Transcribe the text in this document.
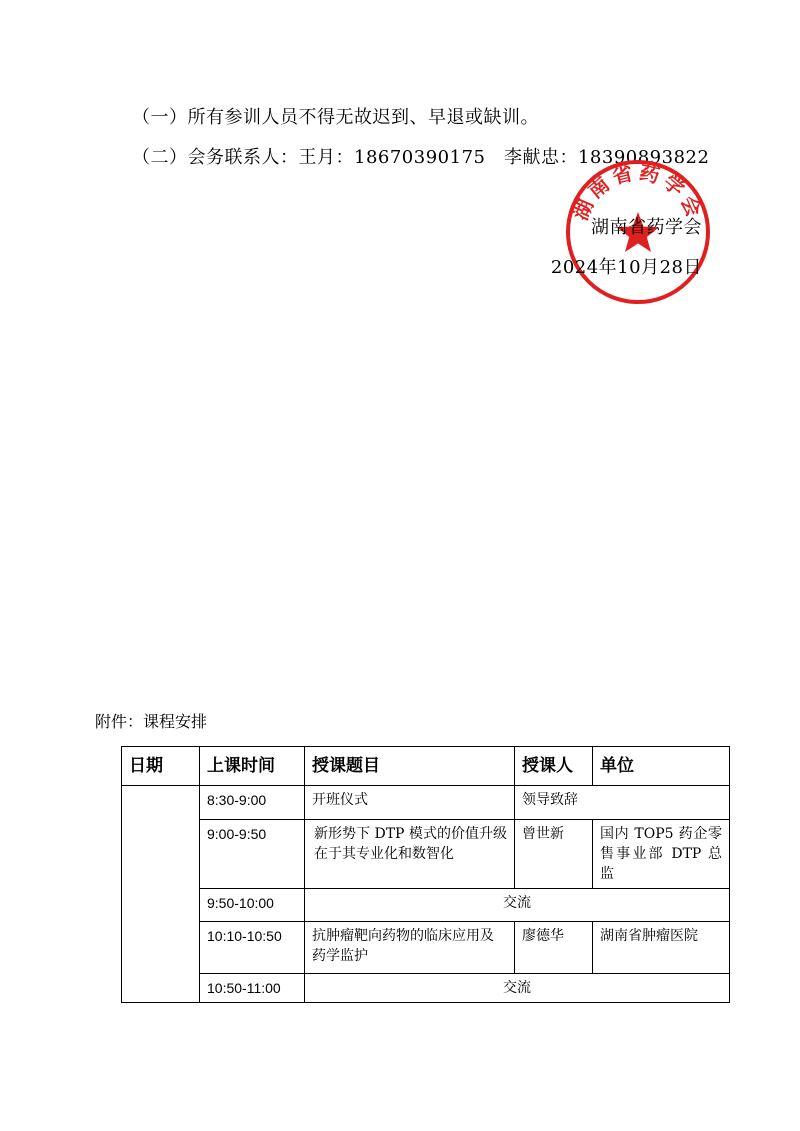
（一）所有参训人员不得无故迟到、早退或缺训。
（二）会务联系人：王月：18670390175　李献忠：18390893822
湖南省药学会
湖南省药学会
2024年10月28日
附件：课程安排
日期	上课时间	授课题目	授课人	单位
	8:30-9:00	开班仪式	领导致辞	
	9:00-9:50	新形势下 DTP 模式的价值升级在于其专业化和数智化	曾世新	国内 TOP5 药企零售事业部 DTP 总监
	9:50-10:00	交流		
	10:10-10:50	抗肿瘤靶向药物的临床应用及药学监护	廖德华	湖南省肿瘤医院
	10:50-11:00	交流		
